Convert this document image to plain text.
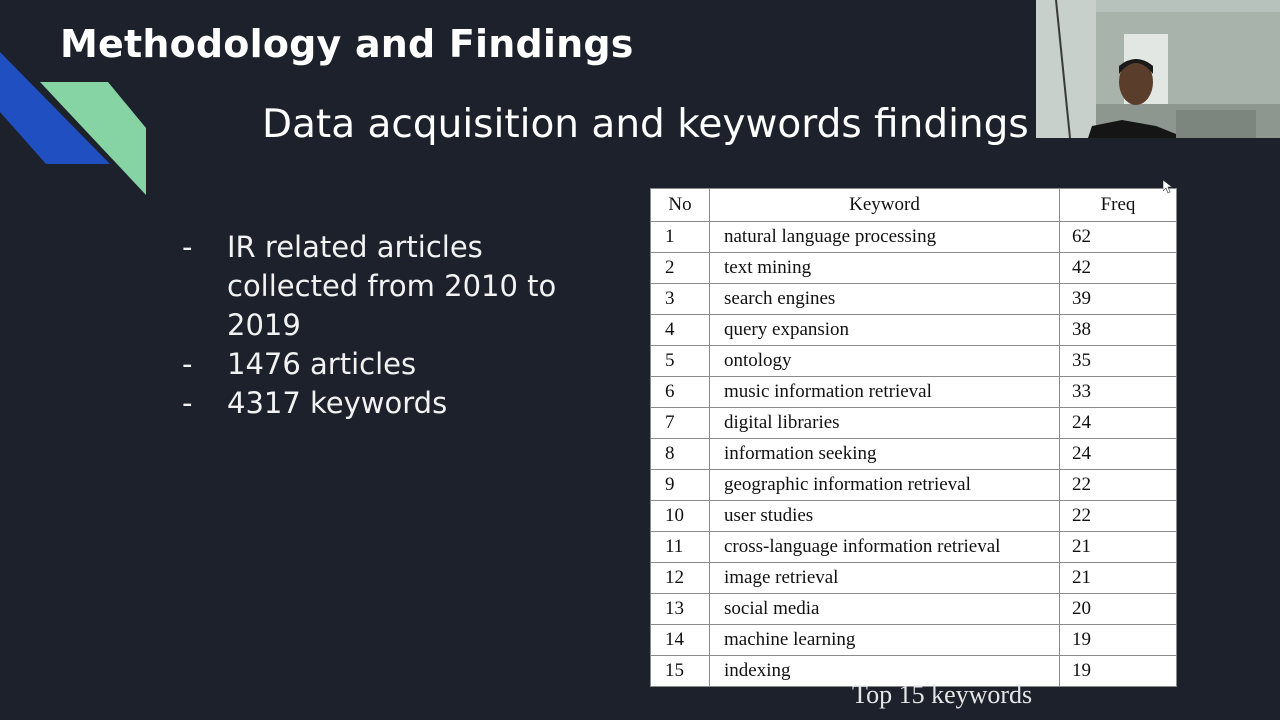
Methodology and Findings
Data acquisition and keywords findings
-	IR related articles collected from 2010 to 2019
-	1476 articles
-	4317 keywords
No	Keyword	Freq
1	natural language processing	62
2	text mining	42
3	search engines	39
4	query expansion	38
5	ontology	35
6	music information retrieval	33
7	digital libraries	24
8	information seeking	24
9	geographic information retrieval	22
10	user studies	22
11	cross-language information retrieval	21
12	image retrieval	21
13	social media	20
14	machine learning	19
15	indexing	19
Top 15 keywords
